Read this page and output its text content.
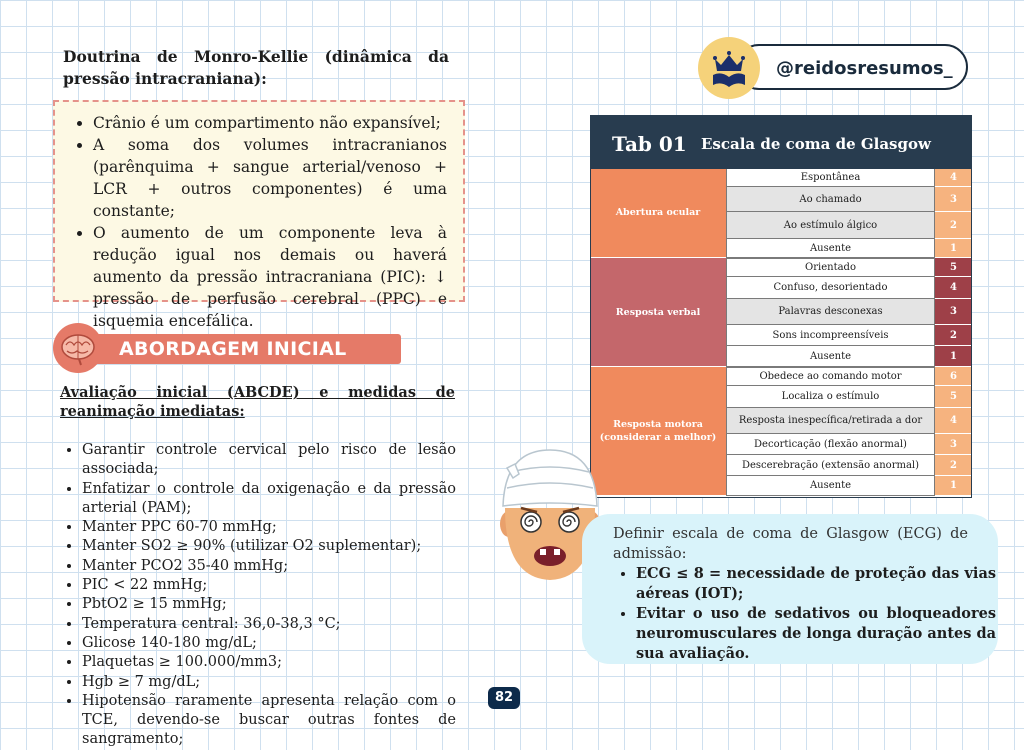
Doutrina de Monro-Kellie (dinâmica da pressão intracraniana):
• Crânio é um compartimento não expansível;
• A soma dos volumes intracranianos (parênquima + sangue arterial/venoso + LCR + outros componentes) é uma constante;
• O aumento de um componente leva à redução igual nos demais ou haverá aumento da pressão intracraniana (PIC): ↓ pressão de perfusão cerebral (PPC) e isquemia encefálica.
ABORDAGEM INICIAL
Avaliação inicial (ABCDE) e medidas de reanimação imediatas:
• Garantir controle cervical pelo risco de lesão associada;
• Enfatizar o controle da oxigenação e da pressão arterial (PAM);
• Manter PPC 60-70 mmHg;
• Manter SO2 ≥ 90% (utilizar O2 suplementar);
• Manter PCO2 35-40 mmHg;
• PIC < 22 mmHg;
• PbtO2 ≥ 15 mmHg;
• Temperatura central: 36,0-38,3 °C;
• Glicose 140-180 mg/dL;
• Plaquetas ≥ 100.000/mm3;
• Hgb ≥ 7 mg/dL;
• Hipotensão raramente apresenta relação com o TCE, devendo-se buscar outras fontes de sangramento;
82
@reidosresumos_
Tab 01 Escala de coma de Glasgow
Abertura ocular
Espontânea	4
Ao chamado	3
Ao estímulo álgico	2
Ausente	1
Resposta verbal
Orientado	5
Confuso, desorientado	4
Palavras desconexas	3
Sons incompreensíveis	2
Ausente	1
Resposta motora (considerar a melhor)
Obedece ao comando motor	6
Localiza o estímulo	5
Resposta inespecífica/retirada a dor	4
Decorticação (flexão anormal)	3
Descerebração (extensão anormal)	2
Ausente	1
Definir escala de coma de Glasgow (ECG) de admissão:
• ECG ≤ 8 = necessidade de proteção das vias aéreas (IOT);
• Evitar o uso de sedativos ou bloqueadores neuromusculares de longa duração antes da sua avaliação.
